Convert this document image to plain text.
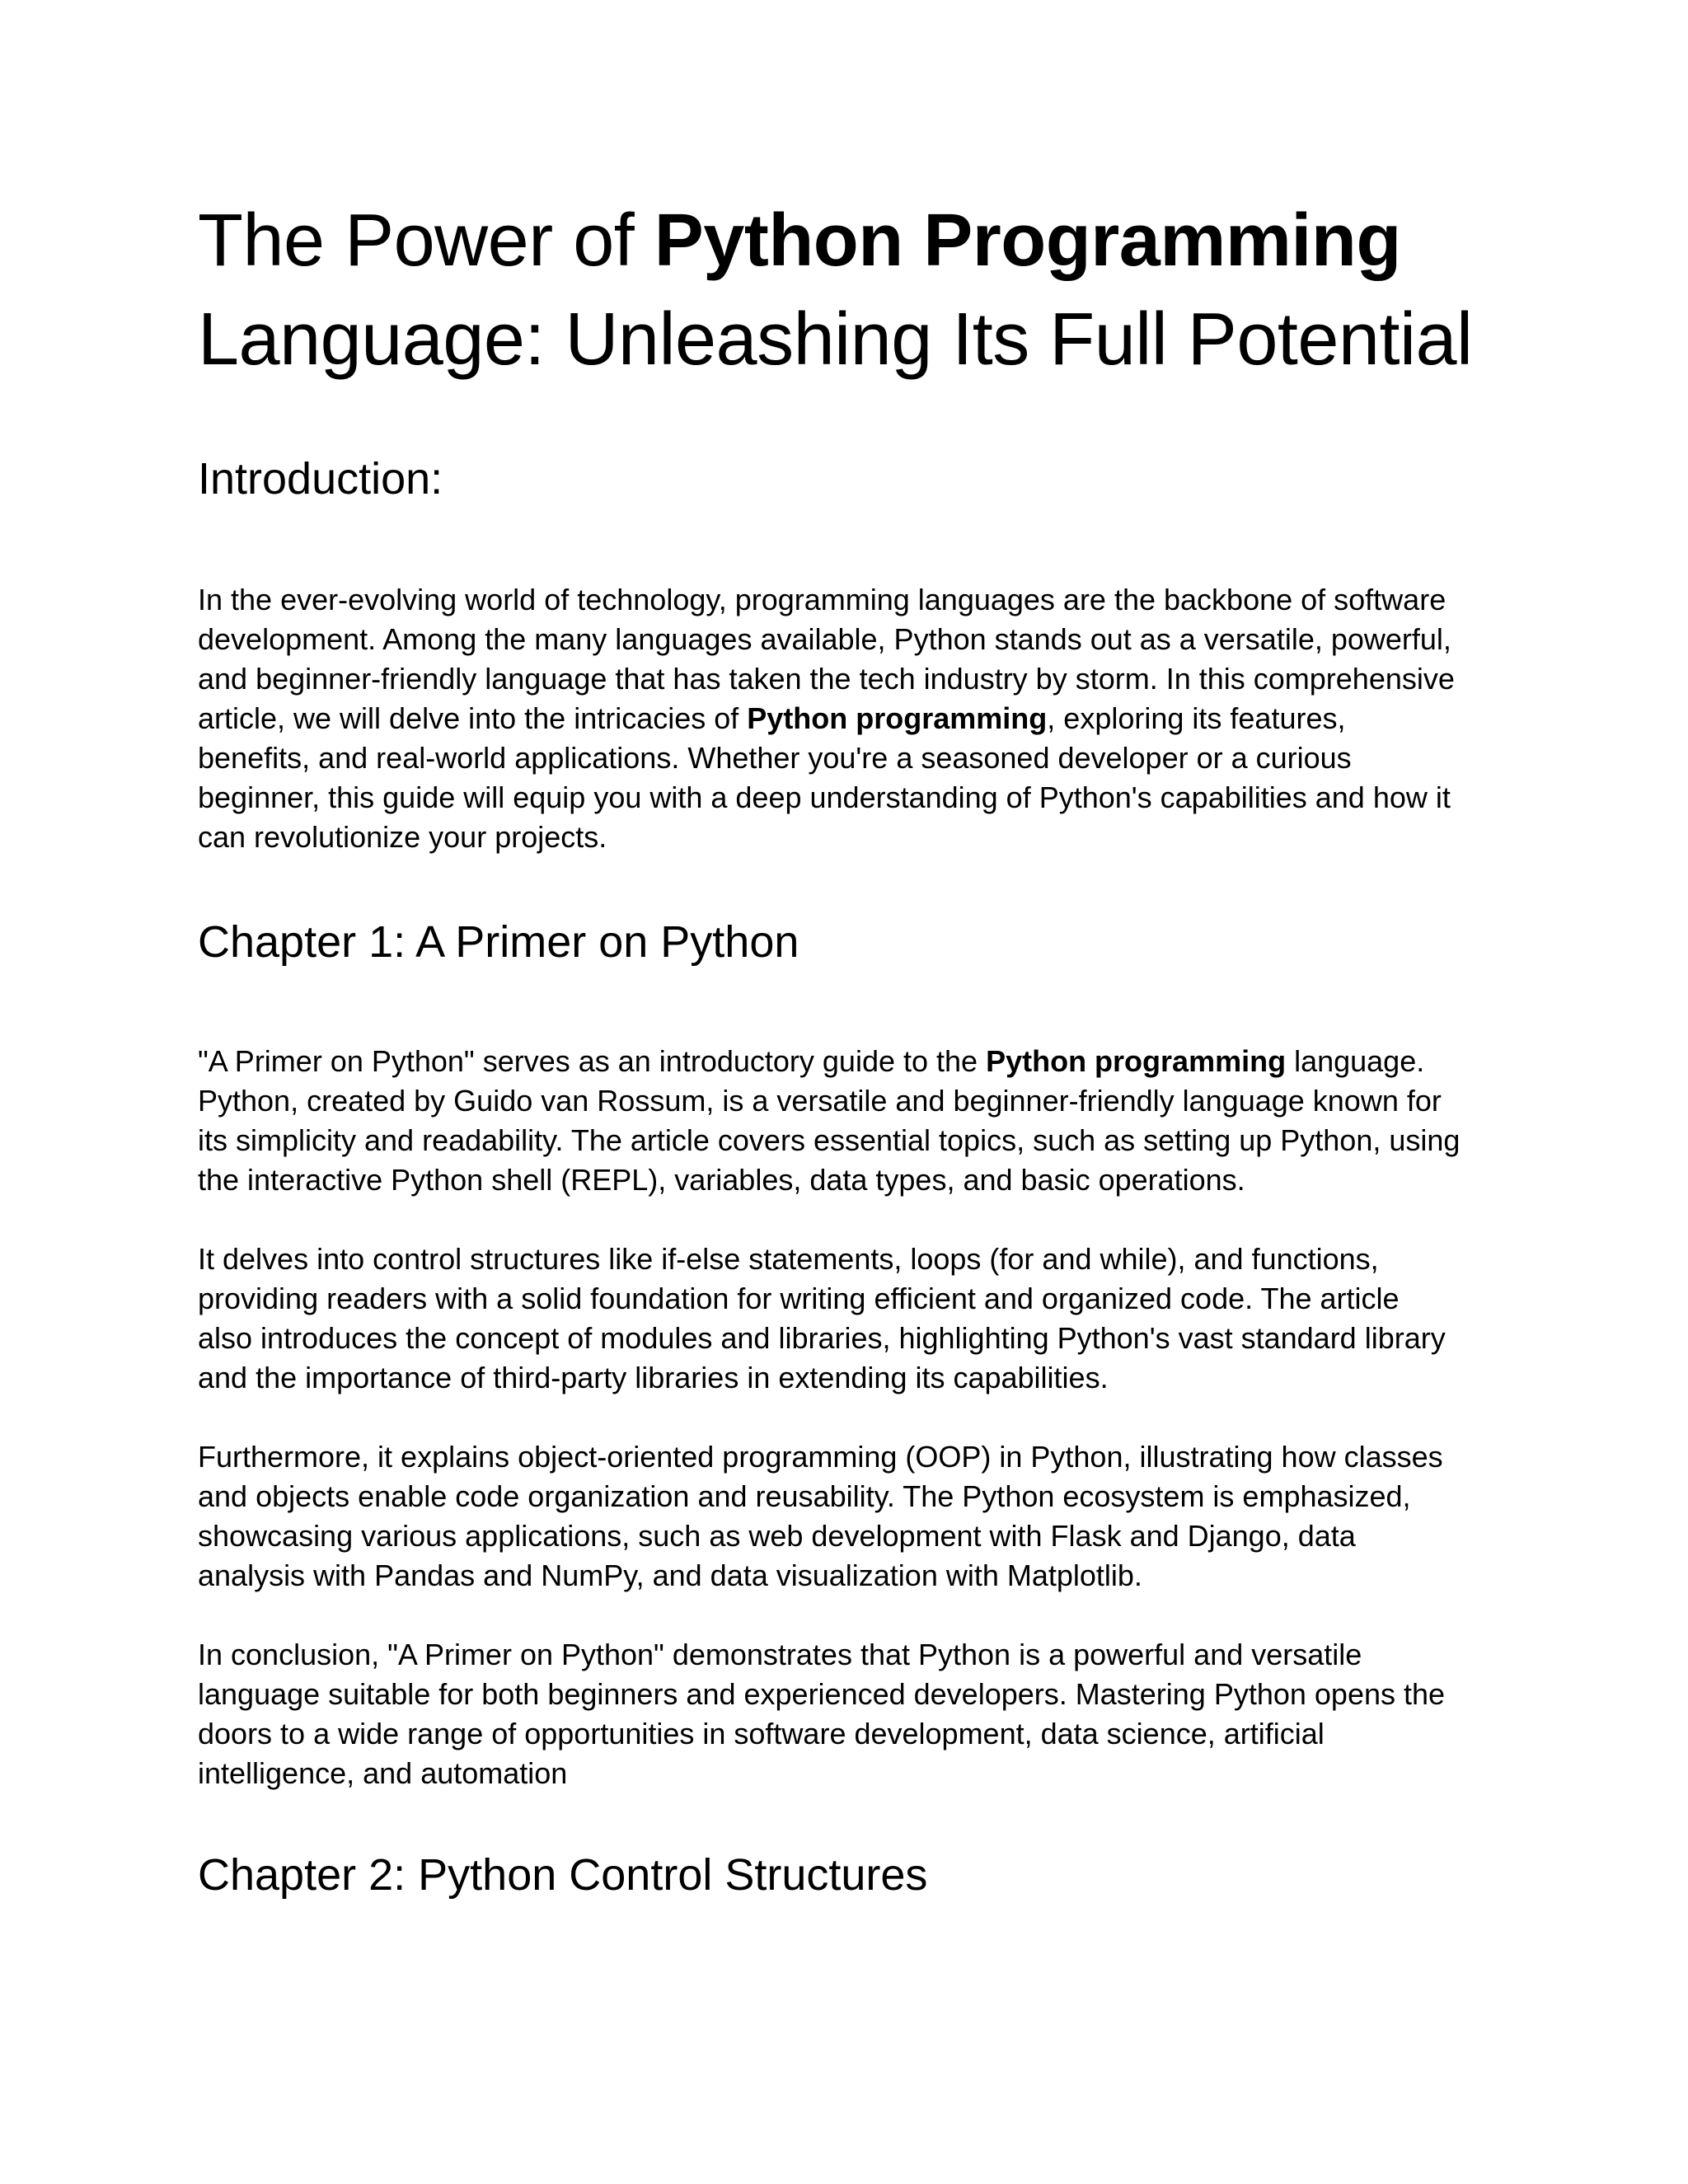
The Power of Python Programming
Language: Unleashing Its Full Potential
Introduction:

In the ever-evolving world of technology, programming languages are the backbone of software
development. Among the many languages available, Python stands out as a versatile, powerful,
and beginner-friendly language that has taken the tech industry by storm. In this comprehensive
article, we will delve into the intricacies of Python programming, exploring its features,
benefits, and real-world applications. Whether you're a seasoned developer or a curious
beginner, this guide will equip you with a deep understanding of Python's capabilities and how it
can revolutionize your projects.

Chapter 1: A Primer on Python

"A Primer on Python" serves as an introductory guide to the Python programming language.
Python, created by Guido van Rossum, is a versatile and beginner-friendly language known for
its simplicity and readability. The article covers essential topics, such as setting up Python, using
the interactive Python shell (REPL), variables, data types, and basic operations.

It delves into control structures like if-else statements, loops (for and while), and functions,
providing readers with a solid foundation for writing efficient and organized code. The article
also introduces the concept of modules and libraries, highlighting Python's vast standard library
and the importance of third-party libraries in extending its capabilities.

Furthermore, it explains object-oriented programming (OOP) in Python, illustrating how classes
and objects enable code organization and reusability. The Python ecosystem is emphasized,
showcasing various applications, such as web development with Flask and Django, data
analysis with Pandas and NumPy, and data visualization with Matplotlib.

In conclusion, "A Primer on Python" demonstrates that Python is a powerful and versatile
language suitable for both beginners and experienced developers. Mastering Python opens the
doors to a wide range of opportunities in software development, data science, artificial
intelligence, and automation

Chapter 2: Python Control Structures
